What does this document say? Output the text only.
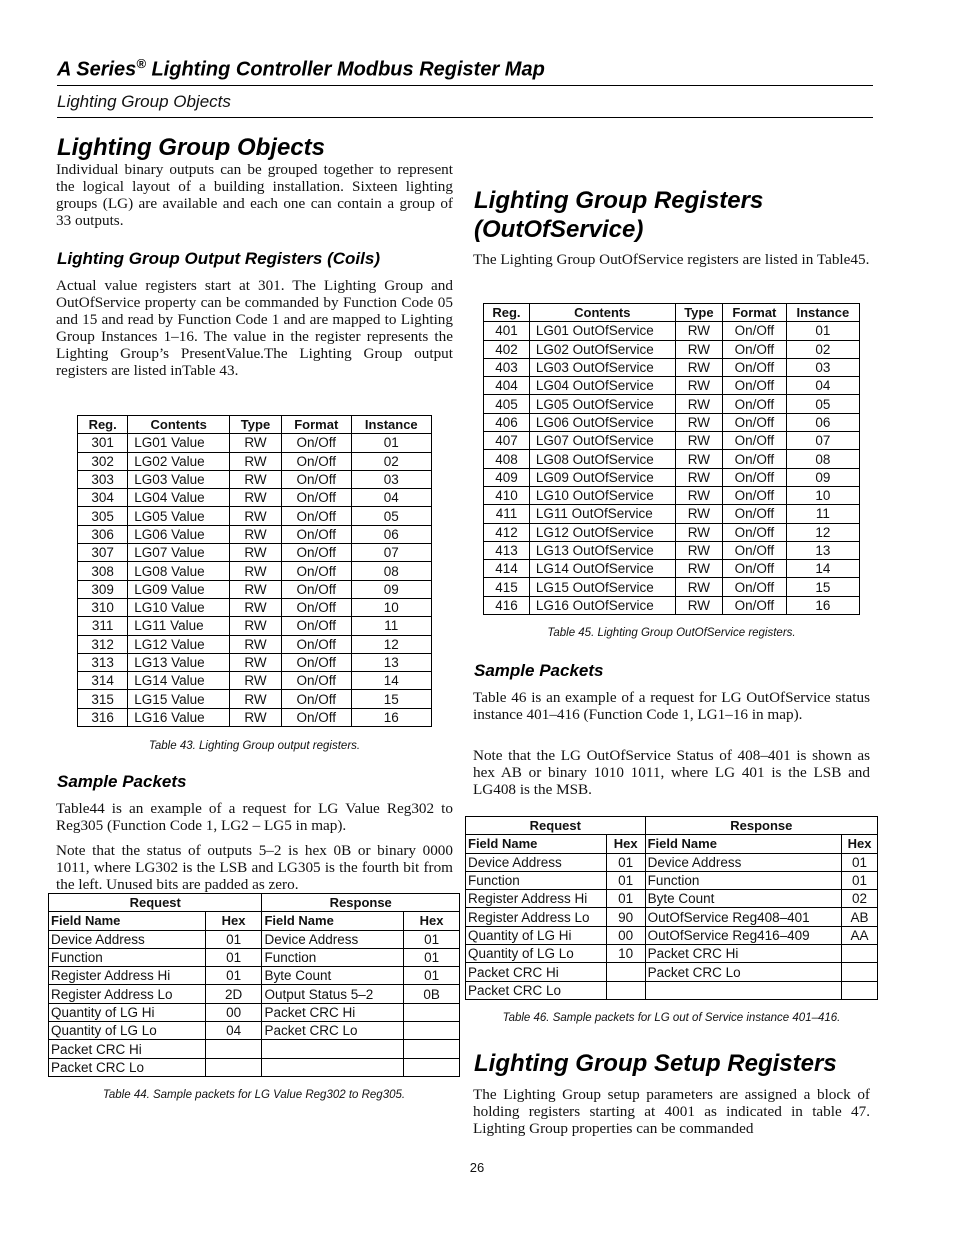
A Series® Lighting Controller Modbus Register Map
Lighting Group Objects
Lighting Group Objects
Individual binary outputs can be grouped together to represent the logical layout of a building installation. Sixteen lighting groups (LG) are available and each one can contain a group of 33 outputs.
Lighting Group Output Registers (Coils)
Actual value registers start at 301. The Lighting Group and OutOfService property can be commanded by Function Code 05 and 15 and read by Function Code 1 and are mapped to Lighting Group Instances 1–16. The value in the register represents the Lighting Group’s PresentValue.The Lighting Group output registers are listed inTable 43.
Reg.	Contents	Type	Format	Instance
301	LG01 Value	RW	On/Off	01
302	LG02 Value	RW	On/Off	02
303	LG03 Value	RW	On/Off	03
304	LG04 Value	RW	On/Off	04
305	LG05 Value	RW	On/Off	05
306	LG06 Value	RW	On/Off	06
307	LG07 Value	RW	On/Off	07
308	LG08 Value	RW	On/Off	08
309	LG09 Value	RW	On/Off	09
310	LG10 Value	RW	On/Off	10
311	LG11 Value	RW	On/Off	11
312	LG12 Value	RW	On/Off	12
313	LG13 Value	RW	On/Off	13
314	LG14 Value	RW	On/Off	14
315	LG15 Value	RW	On/Off	15
316	LG16 Value	RW	On/Off	16
Table 43. Lighting Group output registers.
Sample Packets
Table44 is an example of a request for LG Value Reg302 to Reg305 (Function Code 1, LG2 – LG5 in map).
Note that the status of outputs 5–2 is hex 0B or binary 0000 1011, where LG302 is the LSB and LG305 is the fourth bit from the left. Unused bits are padded as zero.
Request		Response	
Field Name	Hex	Field Name	Hex
Device Address	01	Device Address	01
Function	01	Function	01
Register Address Hi	01	Byte Count	01
Register Address Lo	2D	Output Status 5–2	0B
Quantity of LG Hi	00	Packet CRC Hi	
Quantity of LG Lo	04	Packet CRC Lo	
Packet CRC Hi			
Packet CRC Lo			
Table 44. Sample packets for LG Value Reg302 to Reg305.
Lighting Group Registers
(OutOfService)
The Lighting Group OutOfService registers are listed in Table45.
Reg.	Contents	Type	Format	Instance
401	LG01 OutOfService	RW	On/Off	01
402	LG02 OutOfService	RW	On/Off	02
403	LG03 OutOfService	RW	On/Off	03
404	LG04 OutOfService	RW	On/Off	04
405	LG05 OutOfService	RW	On/Off	05
406	LG06 OutOfService	RW	On/Off	06
407	LG07 OutOfService	RW	On/Off	07
408	LG08 OutOfService	RW	On/Off	08
409	LG09 OutOfService	RW	On/Off	09
410	LG10 OutOfService	RW	On/Off	10
411	LG11 OutOfService	RW	On/Off	11
412	LG12 OutOfService	RW	On/Off	12
413	LG13 OutOfService	RW	On/Off	13
414	LG14 OutOfService	RW	On/Off	14
415	LG15 OutOfService	RW	On/Off	15
416	LG16 OutOfService	RW	On/Off	16
Table 45. Lighting Group OutOfService registers.
Sample Packets
Table 46 is an example of a request for LG OutOfService status instance 401–416 (Function Code 1, LG1–16 in map).
Note that the LG OutOfService Status of 408–401 is shown as hex AB or binary 1010 1011, where LG 401 is the LSB and LG408 is the MSB.
Request		Response	
Field Name	Hex	Field Name	Hex
Device Address	01	Device Address	01
Function	01	Function	01
Register Address Hi	01	Byte Count	02
Register Address Lo	90	OutOfService Reg408–401	AB
Quantity of LG Hi	00	OutOfService Reg416–409	AA
Quantity of LG Lo	10	Packet CRC Hi	
Packet CRC Hi		Packet CRC Lo	
Packet CRC Lo			
Table 46. Sample packets for LG out of Service instance 401–416.
Lighting Group Setup Registers
The Lighting Group setup parameters are assigned a block of holding registers starting at 4001 as indicated in table 47. Lighting Group properties can be commanded
26
